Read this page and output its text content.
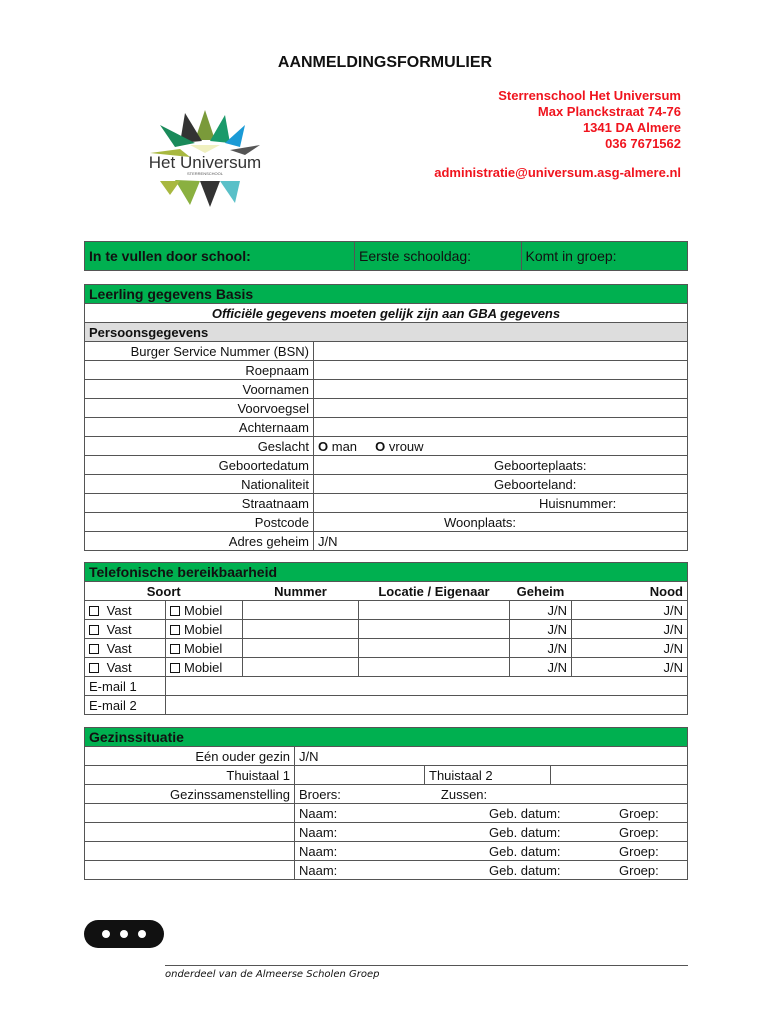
AANMELDINGSFORMULIER
Het Universum
STERRENSCHOOL
Sterrenschool Het Universum
Max Planckstraat 74-76
1341 DA Almere
036 7671562
administratie@universum.asg-almere.nl
In te vullen door school:	Eerste schooldag:	Komt in groep:
Leerling gegevens Basis	
Officiële gegevens moeten gelijk zijn aan GBA gegevens	
Persoonsgegevens	
Burger Service Nummer (BSN)	
Roepnaam	
Voornamen	
Voorvoegsel	
Achternaam	
Geslacht	O man O vrouw
Geboortedatum	Geboorteplaats:
Nationaliteit	Geboorteland:
Straatnaam	Huisnummer:
Postcode	Woonplaats:
Adres geheim	J/N
Telefonische bereikbaarheid					
Soort		Nummer	Locatie / Eigenaar	Geheim	Nood
Vast	Mobiel			J/N	J/N
Vast	Mobiel			J/N	J/N
Vast	Mobiel			J/N	J/N
Vast	Mobiel			J/N	J/N
E-mail 1					
E-mail 2					
Gezinssituatie			
Eén ouder gezin	J/N		
Thuistaal 1		Thuistaal 2	
Gezinssamenstelling	Broers: Zussen:		
	Naam: Geb. datum: Groep:		
	Naam: Geb. datum: Groep:		
	Naam: Geb. datum: Groep:		
	Naam: Geb. datum: Groep:		
onderdeel van de Almeerse Scholen Groep
